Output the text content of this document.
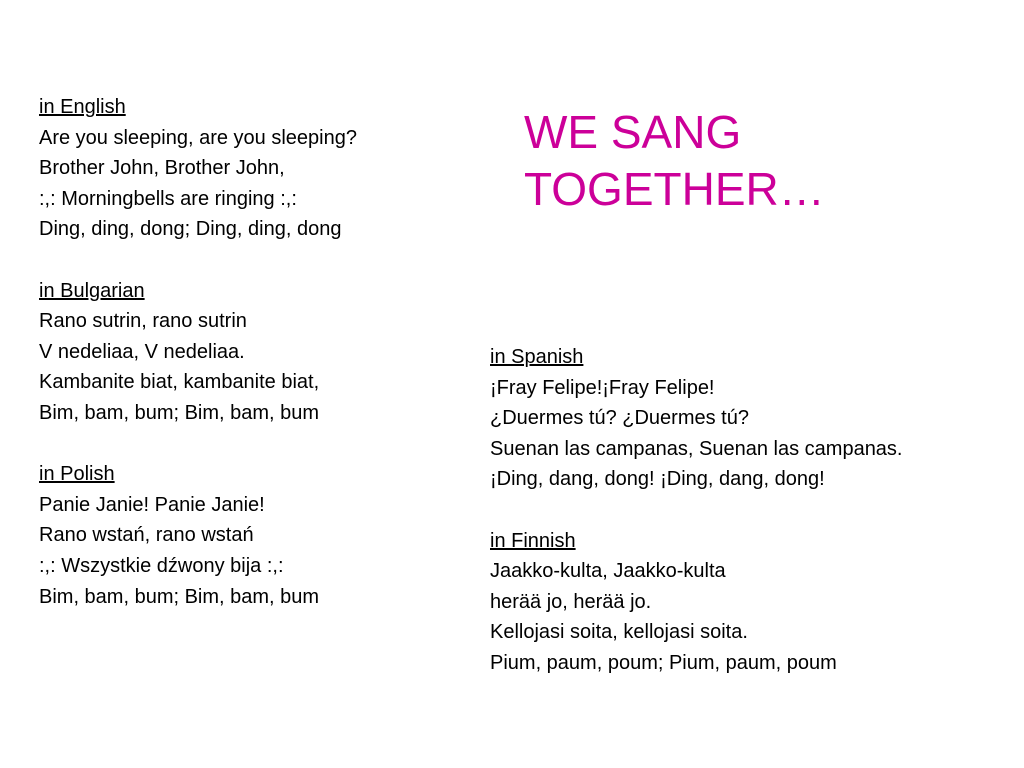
WE SANG
TOGETHER…
in English
Are you sleeping, are you sleeping?
Brother John, Brother John,
:,: Morningbells are ringing :,:
Ding, ding, dong; Ding, ding, dong
in Bulgarian
Rano sutrin, rano sutrin
V nedeliaa, V nedeliaa.
Kambanite biat, kambanite biat,
Bim, bam, bum; Bim, bam, bum
in Polish
Panie Janie! Panie Janie!
Rano wstań, rano wstań
:,: Wszystkie dźwony bija :,:
Bim, bam, bum; Bim, bam, bum
in Spanish
¡Fray Felipe!¡Fray Felipe!
¿Duermes tú? ¿Duermes tú?
Suenan las campanas, Suenan las campanas.
¡Ding, dang, dong! ¡Ding, dang, dong!
in Finnish
Jaakko-kulta, Jaakko-kulta
herää jo, herää jo.
Kellojasi soita, kellojasi soita.
Pium, paum, poum; Pium, paum, poum
